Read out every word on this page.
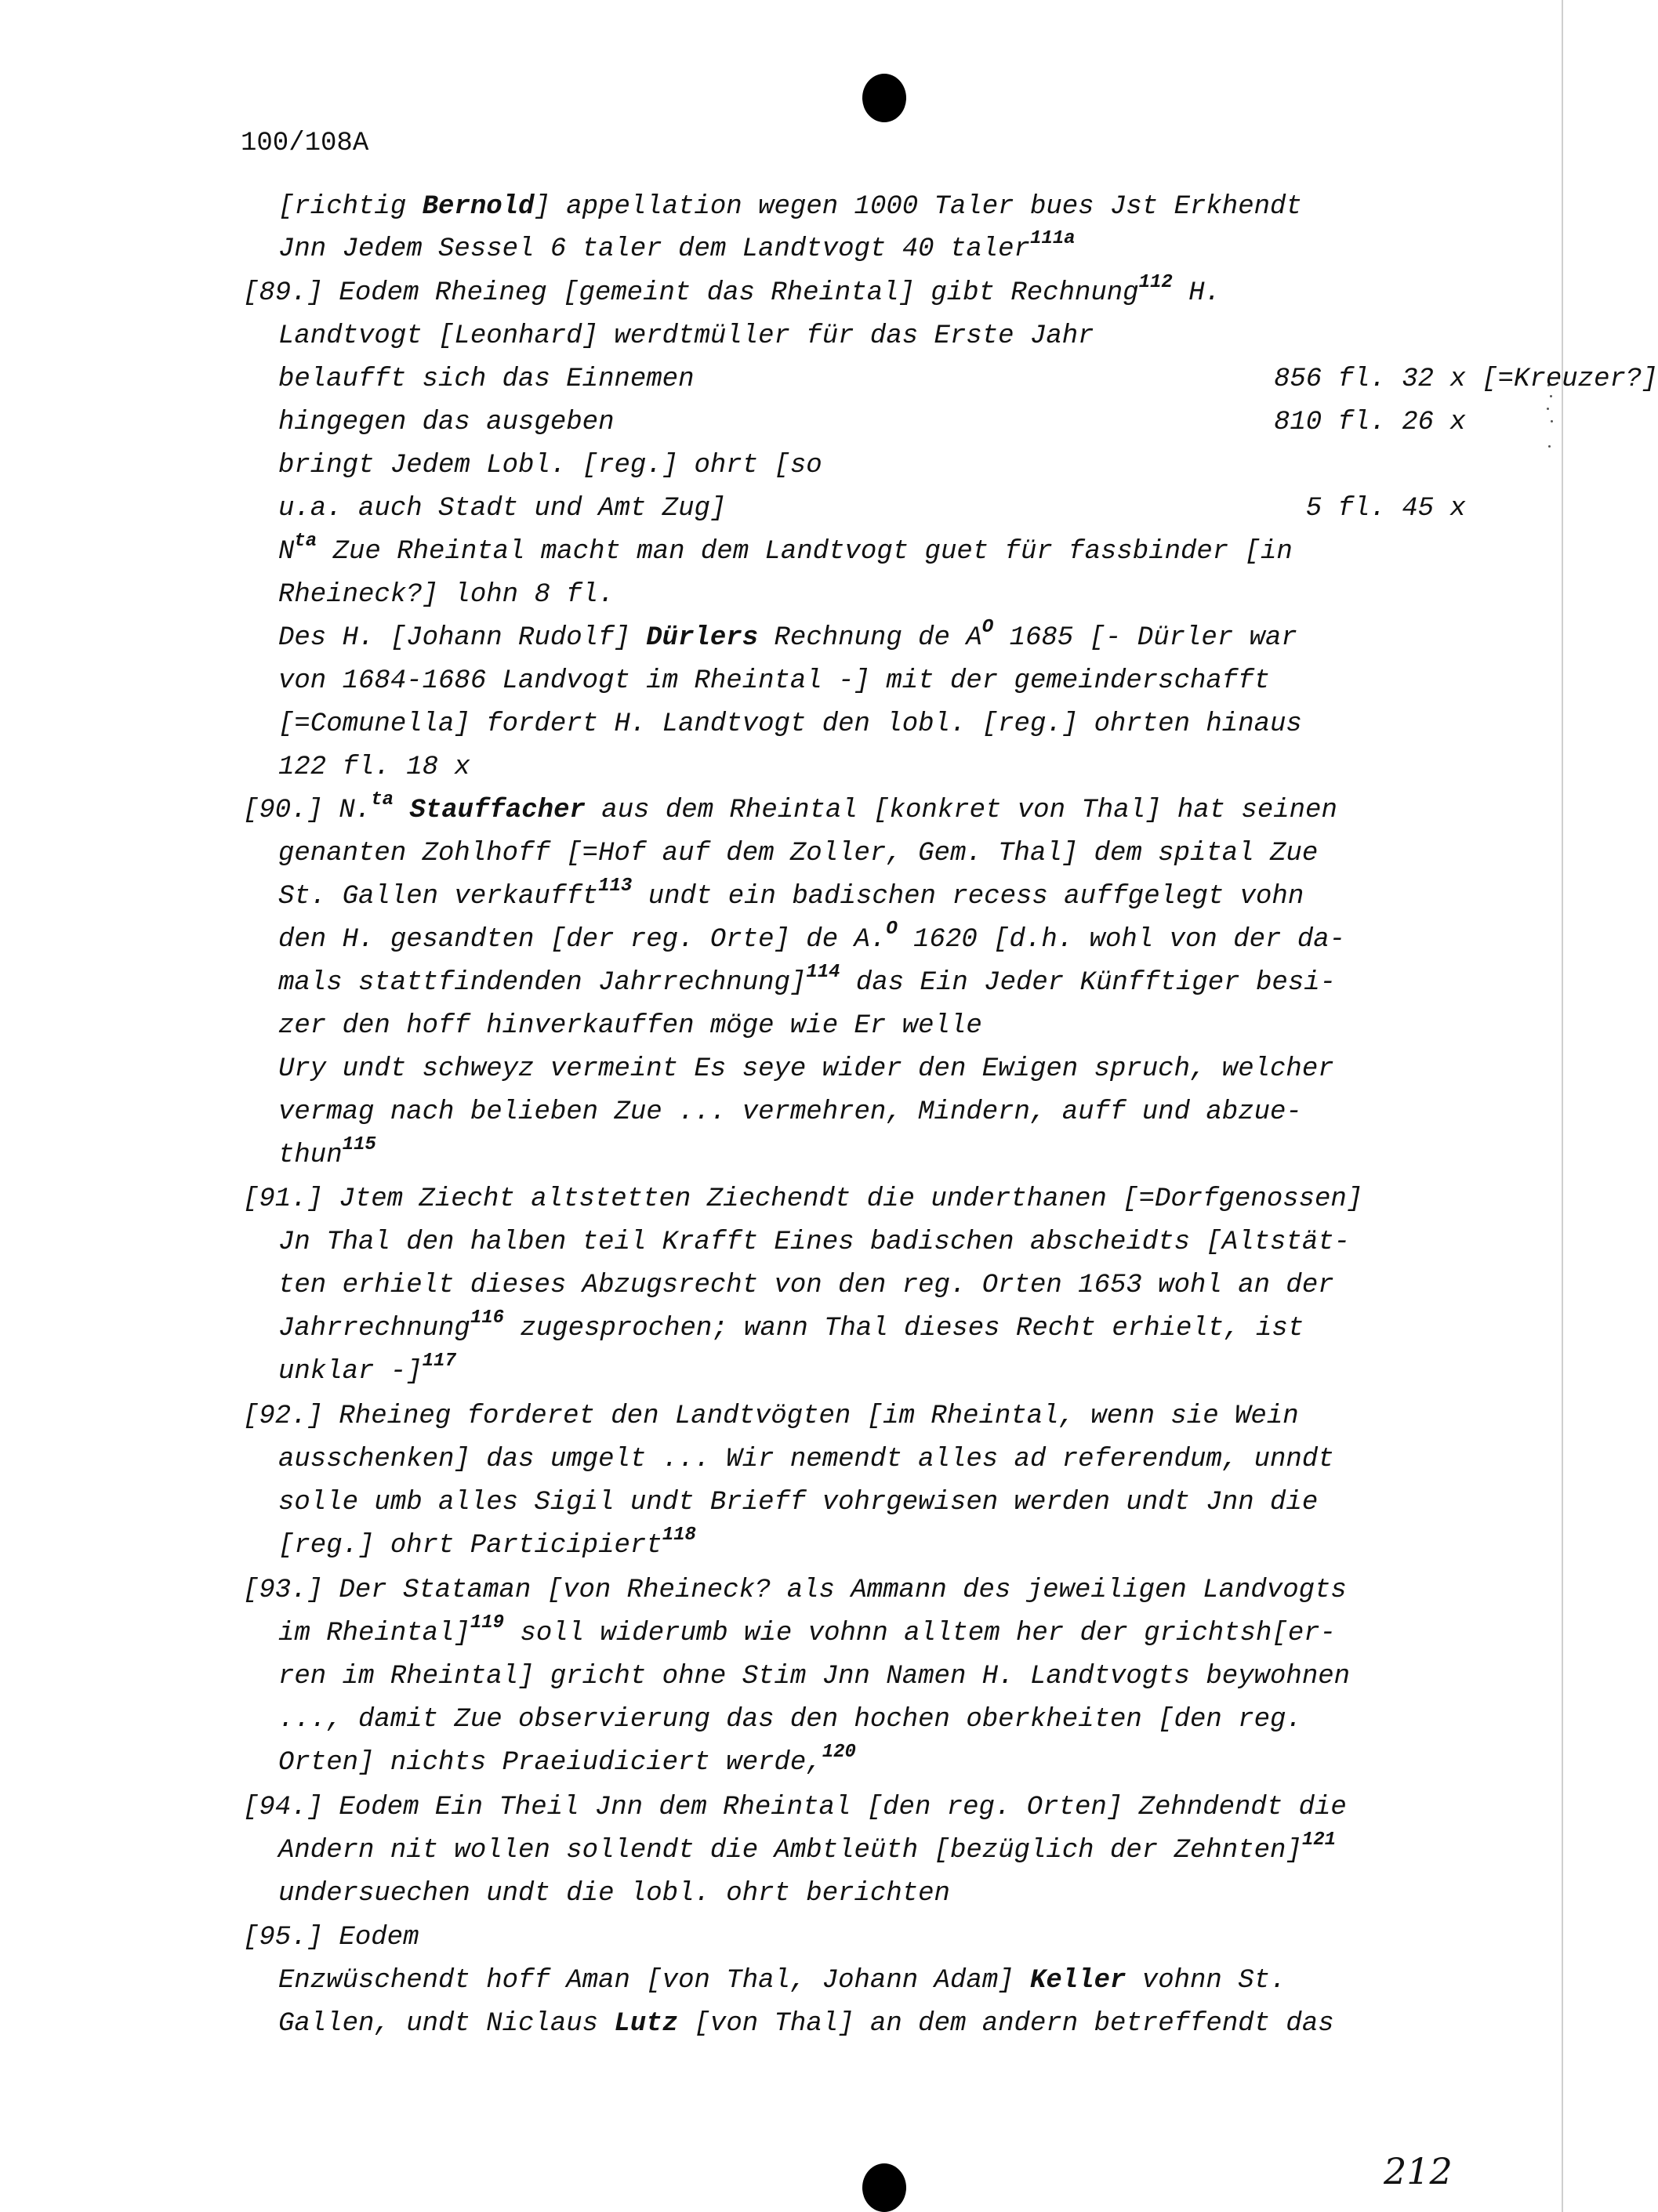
100/108A
[richtig Bernold] appellation wegen 1000 Taler bues Jst Erkhendt
Jnn Jedem Sessel 6 taler dem Landtvogt 40 taler$^{111a}$
[89.] Eodem Rheineg [gemeint das Rheintal] gibt Rechnung$^{112}$ H.
Landtvogt [Leonhard] werdtmüller für das Erste Jahr
belaufft sich das Einnemen	856 fl. 32 x [=Kreuzer?]
hingegen das ausgeben	810 fl. 26 x
bringt Jedem Lobl. [reg.] ohrt [so
u.a. auch Stadt und Amt Zug]	5 fl. 45 x
N$^{ta}$ Zue Rheintal macht man dem Landtvogt guet für fassbinder [in
Rheineck?] lohn 8 fl.
Des H. [Johann Rudolf] Dürlers Rechnung de A$^O$ 1685 [- Dürler war
von 1684-1686 Landvogt im Rheintal -] mit der gemeinderschafft
[=Comunella] fordert H. Landtvogt den lobl. [reg.] ohrten hinaus
122 fl. 18 x
[90.] N.$^{ta}$ Stauffacher aus dem Rheintal [konkret von Thal] hat seinen
genanten Zohlhoff [=Hof auf dem Zoller, Gem. Thal] dem spital Zue
St. Gallen verkaufft$^{113}$ undt ein badischen recess auffgelegt vohn
den H. gesandten [der reg. Orte] de A.$^O$ 1620 [d.h. wohl von der da-
mals stattfindenden Jahrrechnung]$^{114}$ das Ein Jeder Künfftiger besi-
zer den hoff hinverkauffen möge wie Er welle
Ury undt schweyz vermeint Es seye wider den Ewigen spruch, welcher
vermag nach belieben Zue ... vermehren, Mindern, auff und abzue-
thun$^{115}$
[91.] Jtem Ziecht altstetten Ziechendt die underthanen [=Dorfgenossen]
Jn Thal den halben teil Krafft Eines badischen abscheidts [Altstät-
ten erhielt dieses Abzugsrecht von den reg. Orten 1653 wohl an der
Jahrrechnung$^{116}$ zugesprochen; wann Thal dieses Recht erhielt, ist
unklar -]$^{117}$
[92.] Rheineg forderet den Landtvögten [im Rheintal, wenn sie Wein
ausschenken] das umgelt ... Wir nemendt alles ad referendum, unndt
solle umb alles Sigil undt Brieff vohrgewisen werden undt Jnn die
[reg.] ohrt Participiert$^{118}$
[93.] Der Stataman [von Rheineck? als Ammann des jeweiligen Landvogts
im Rheintal]$^{119}$ soll widerumb wie vohnn alltem her der grichtsh[er-
ren im Rheintal] gricht ohne Stim Jnn Namen H. Landtvogts beywohnen
..., damit Zue observierung das den hochen oberkheiten [den reg.
Orten] nichts Praeiudiciert werde,$^{120}$
[94.] Eodem Ein Theil Jnn dem Rheintal [den reg. Orten] Zehndendt die
Andern nit wollen sollendt die Ambtleüth [bezüglich der Zehnten]$^{121}$
undersuechen undt die lobl. ohrt berichten
[95.] Eodem
Enzwüschendt hoff Aman [von Thal, Johann Adam] Keller vohnn St.
Gallen, undt Niclaus Lutz [von Thal] an dem andern betreffendt das
212
